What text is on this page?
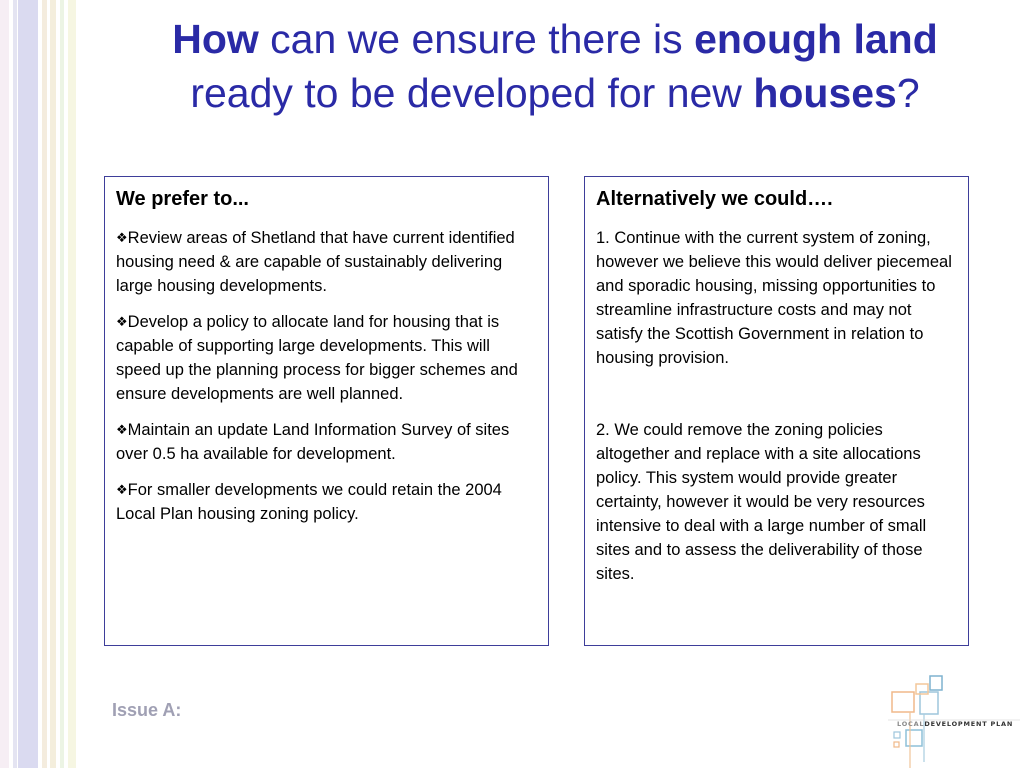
How can we ensure there is enough land ready to be developed for new houses?
We prefer to...

❖Review areas of Shetland that have current identified housing need & are capable of sustainably delivering large housing developments.

❖Develop a policy to allocate land for housing that is capable of supporting large developments. This will speed up the planning process for bigger schemes and ensure developments are well planned.

❖Maintain an update Land Information Survey of sites over 0.5 ha available for development.

❖For smaller developments we could retain the 2004 Local Plan housing zoning policy.

Alternatively we could….

1. Continue with the current system of zoning, however we believe this would deliver piecemeal and sporadic housing, missing opportunities to streamline infrastructure costs and may not satisfy the Scottish Government in relation to housing provision.

2. We could remove the zoning policies altogether and replace with a site allocations policy. This system would provide greater certainty, however it would be very resources intensive to deal with a large number of small sites and to assess the deliverability of those sites.

Issue A:
LOCALDEVELOPMENT PLAN
